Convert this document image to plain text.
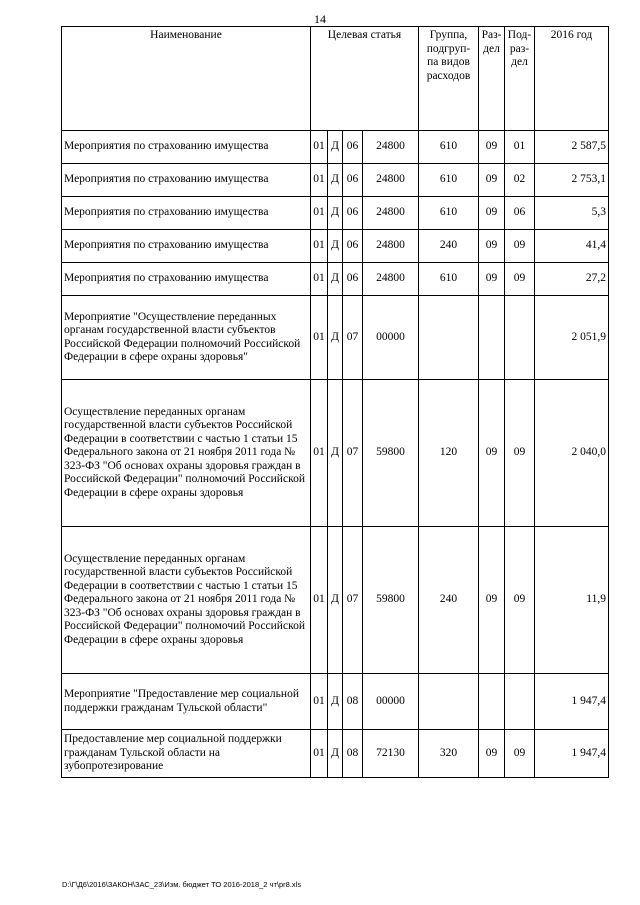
14
Наименование	Целевая статья				Группа, подгруп- па видов расходов	Раз- дел	Под- раз- дел	2016 год
Мероприятия по страхованию имущества	01	Д	06	24800	610	09	01	2 587,5
Мероприятия по страхованию имущества	01	Д	06	24800	610	09	02	2 753,1
Мероприятия по страхованию имущества	01	Д	06	24800	610	09	06	5,3
Мероприятия по страхованию имущества	01	Д	06	24800	240	09	09	41,4
Мероприятия по страхованию имущества	01	Д	06	24800	610	09	09	27,2
Мероприятие "Осуществление переданных органам государственной власти субъектов Российской Федерации полномочий Российской Федерации в сфере охраны здоровья"	01	Д	07	00000				2 051,9
Осуществление переданных органам государственной власти субъектов Российской Федерации в соответствии с частью 1 статьи 15 Федерального закона от 21 ноября 2011 года № 323-ФЗ "Об основах охраны здоровья граждан в Российской Федерации" полномочий Российской Федерации в сфере охраны здоровья	01	Д	07	59800	120	09	09	2 040,0
Осуществление переданных органам государственной власти субъектов Российской Федерации в соответствии с частью 1 статьи 15 Федерального закона от 21 ноября 2011 года № 323-ФЗ "Об основах охраны здоровья граждан в Российской Федерации" полномочий Российской Федерации в сфере охраны здоровья	01	Д	07	59800	240	09	09	11,9
Мероприятие "Предоставление мер социальной поддержки гражданам Тульской области"	01	Д	08	00000				1 947,4
Предоставление мер социальной поддержки гражданам Тульской области на зубопротезирование	01	Д	08	72130	320	09	09	1 947,4
D:\Г\Д6\2016\ЗАКОН\ЗАС_23\Изм. бюджет ТО 2016-2018_2 чт\pr8.xls
